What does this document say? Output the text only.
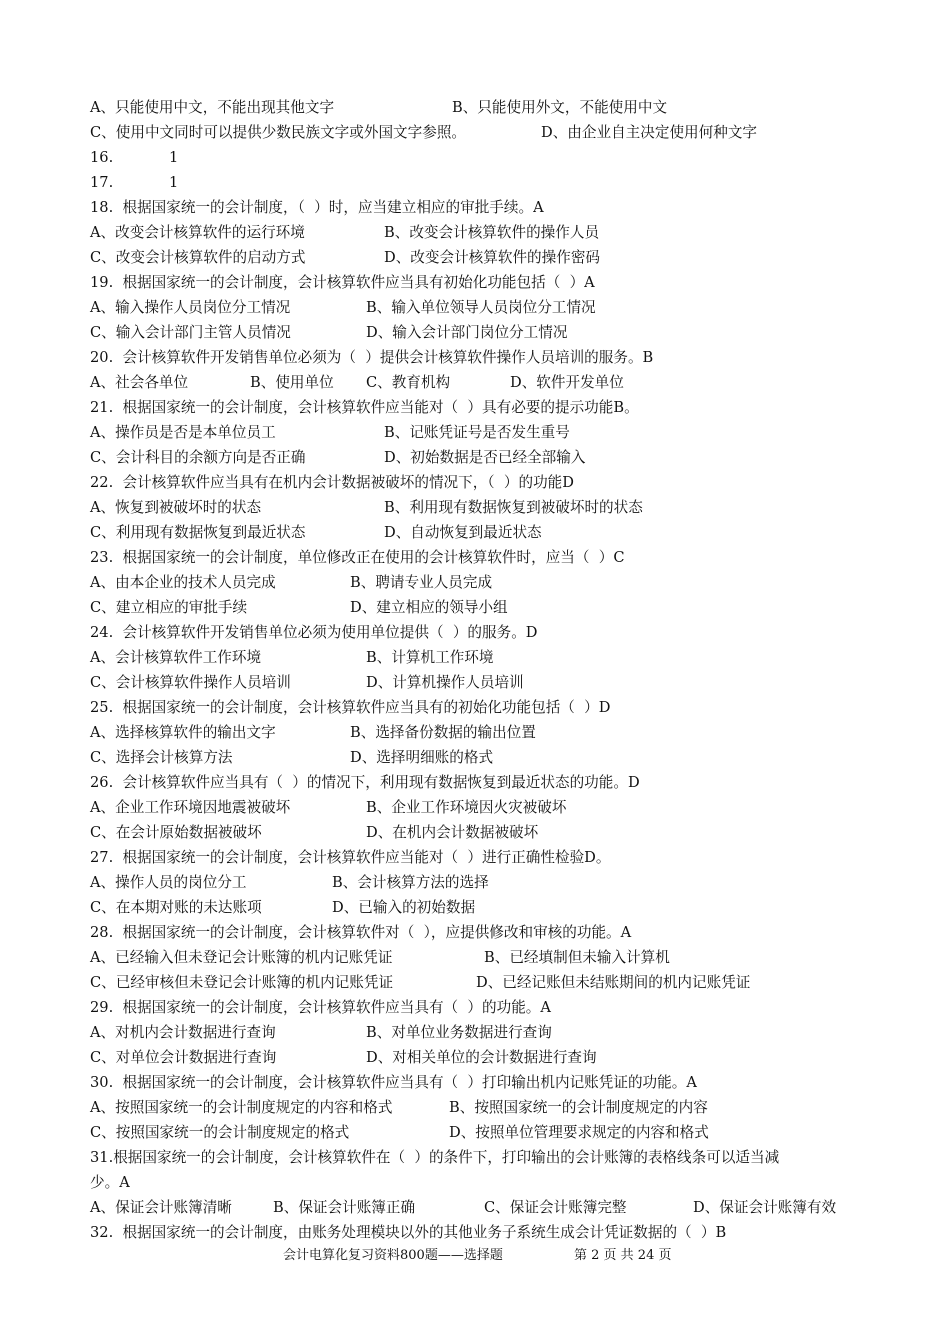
A、只能使用中文，不能出现其他文字	B、只能使用外文，不能使用中文
C、使用中文同时可以提供少数民族文字或外国文字参照。	D、由企业自主决定使用何种文字
16.	1
17.	1
18.  根据国家统一的会计制度，（  ）时，应当建立相应的审批手续。A
A、改变会计核算软件的运行环境	B、改变会计核算软件的操作人员
C、改变会计核算软件的启动方式	D、改变会计核算软件的操作密码
19.  根据国家统一的会计制度，会计核算软件应当具有初始化功能包括（  ）A
A、输入操作人员岗位分工情况	B、输入单位领导人员岗位分工情况
C、输入会计部门主管人员情况	D、输入会计部门岗位分工情况
20.  会计核算软件开发销售单位必须为（  ）提供会计核算软件操作人员培训的服务。B
A、社会各单位	B、使用单位 C、教育机构	D、软件开发单位
21.  根据国家统一的会计制度，会计核算软件应当能对（  ）具有必要的提示功能B。
A、操作员是否是本单位员工	B、记账凭证号是否发生重号
C、会计科目的余额方向是否正确	D、初始数据是否已经全部输入
22.  会计核算软件应当具有在机内会计数据被破坏的情况下，（  ）的功能D
A、恢复到被破坏时的状态	B、利用现有数据恢复到被破坏时的状态
C、利用现有数据恢复到最近状态	D、自动恢复到最近状态
23.  根据国家统一的会计制度，单位修改正在使用的会计核算软件时，应当（  ）C
A、由本企业的技术人员完成	B、聘请专业人员完成
C、建立相应的审批手续	D、建立相应的领导小组
24.  会计核算软件开发销售单位必须为使用单位提供（  ）的服务。D
A、会计核算软件工作环境	B、计算机工作环境
C、会计核算软件操作人员培训	D、计算机操作人员培训
25.  根据国家统一的会计制度，会计核算软件应当具有的初始化功能包括（  ）D
A、选择核算软件的输出文字	B、选择备份数据的输出位置
C、选择会计核算方法	D、选择明细账的格式
26.  会计核算软件应当具有（  ）的情况下，利用现有数据恢复到最近状态的功能。D
A、企业工作环境因地震被破坏	B、企业工作环境因火灾被破坏
C、在会计原始数据被破坏	D、在机内会计数据被破坏
27.  根据国家统一的会计制度，会计核算软件应当能对（  ）进行正确性检验D。
A、操作人员的岗位分工	B、会计核算方法的选择
C、在本期对账的未达账项	D、已输入的初始数据
28.  根据国家统一的会计制度，会计核算软件对（  ），应提供修改和审核的功能。A
A、已经输入但未登记会计账簿的机内记账凭证	B、已经填制但未输入计算机
C、已经审核但未登记会计账簿的机内记账凭证	D、已经记账但未结账期间的机内记账凭证
29.  根据国家统一的会计制度，会计核算软件应当具有（  ）的功能。A
A、对机内会计数据进行查询	B、对单位业务数据进行查询
C、对单位会计数据进行查询	D、对相关单位的会计数据进行查询
30.  根据国家统一的会计制度，会计核算软件应当具有（  ）打印输出机内记账凭证的功能。A
A、按照国家统一的会计制度规定的内容和格式	B、按照国家统一的会计制度规定的内容
C、按照国家统一的会计制度规定的格式	D、按照单位管理要求规定的内容和格式
31.根据国家统一的会计制度，会计核算软件在（  ）的条件下，打印输出的会计账簿的表格线条可以适当减
少。A
A、保证会计账簿清晰	B、保证会计账簿正确	C、保证会计账簿完整	D、保证会计账簿有效
32.  根据国家统一的会计制度，由账务处理模块以外的其他业务子系统生成会计凭证数据的（  ）B
会计电算化复习资料800题——选择题	第 2 页 共 24 页
